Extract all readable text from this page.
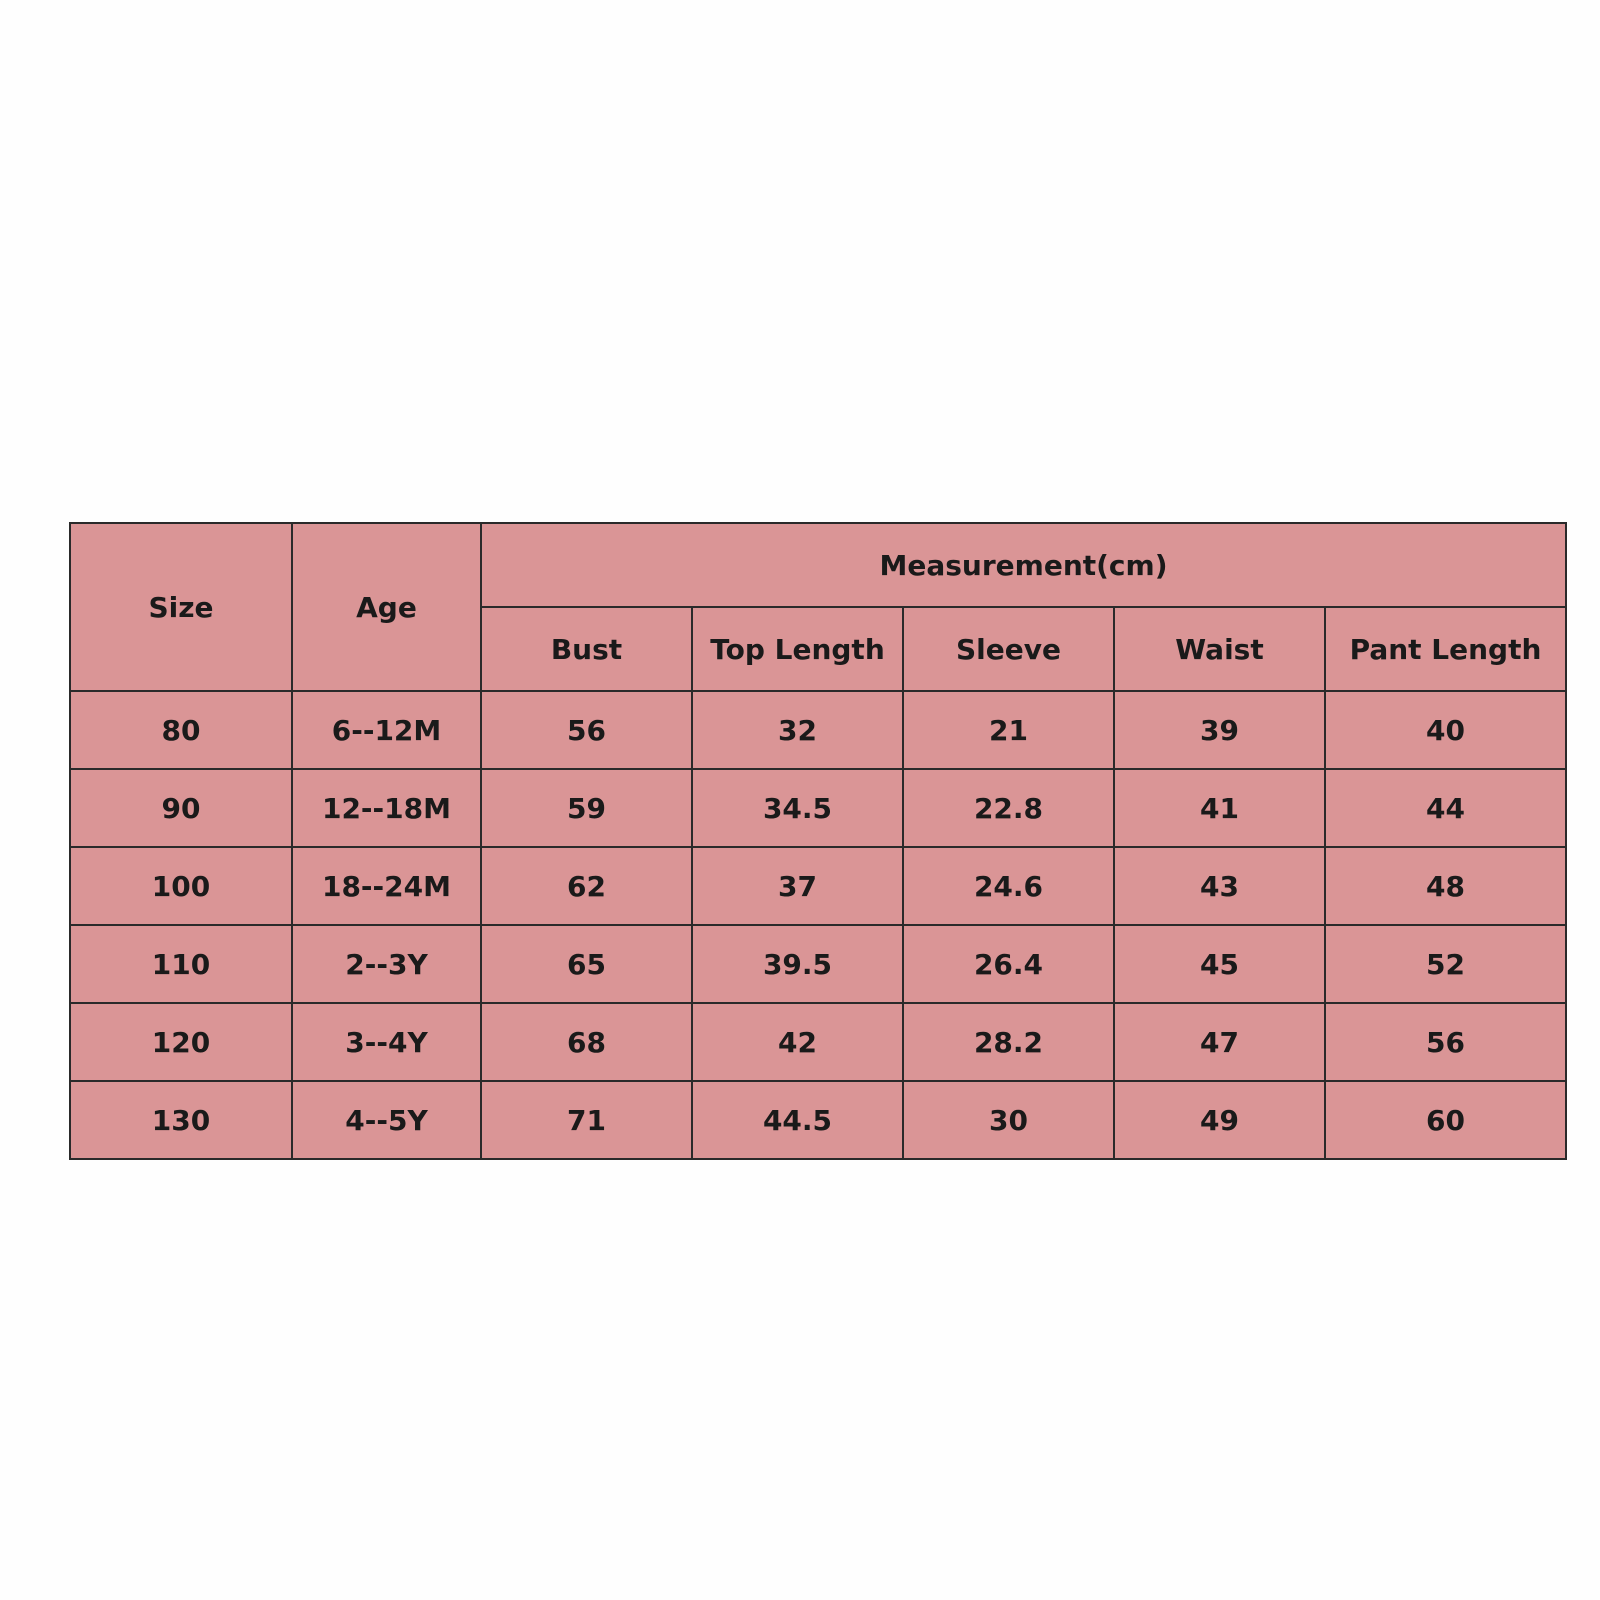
Size	Age	Measurement(cm)				
		Bust	Top Length	Sleeve	Waist	Pant Length
80	6--12M	56	32	21	39	40
90	12--18M	59	34.5	22.8	41	44
100	18--24M	62	37	24.6	43	48
110	2--3Y	65	39.5	26.4	45	52
120	3--4Y	68	42	28.2	47	56
130	4--5Y	71	44.5	30	49	60
